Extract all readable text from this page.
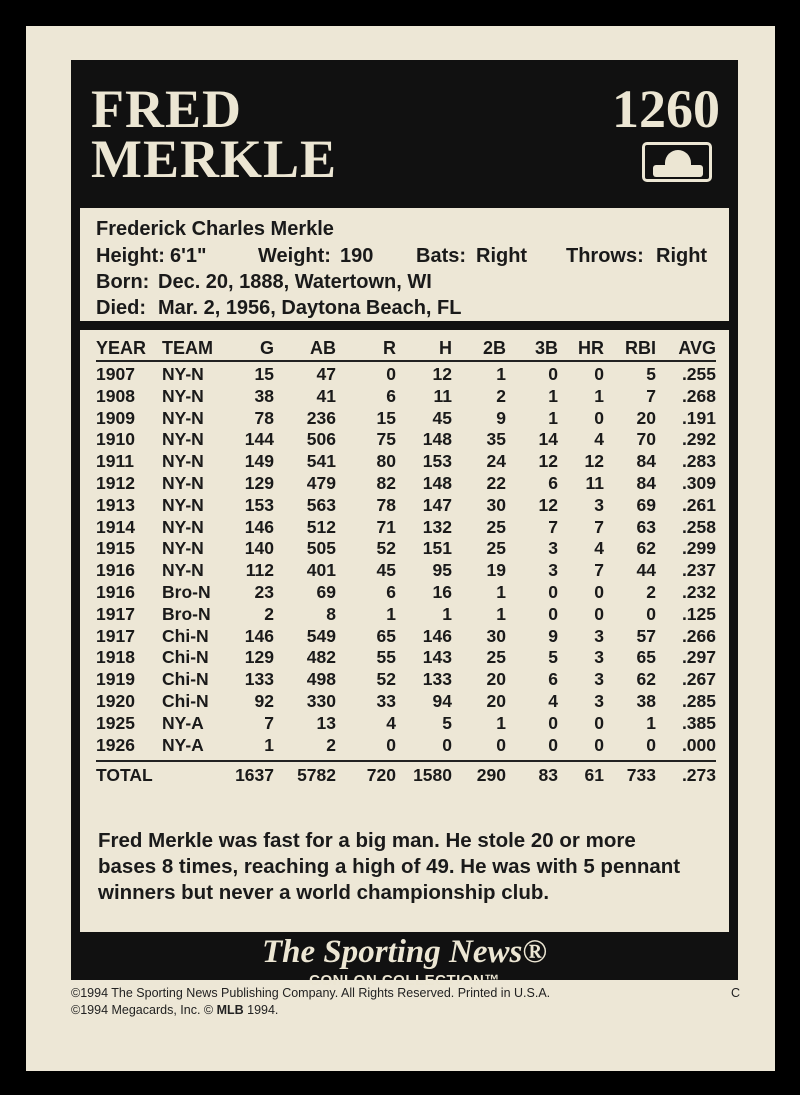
FRED
MERKLE
1260
Frederick Charles Merkle
Height: 6'1"	Weight: 190 Bats: Right Throws: Right
Born: Dec. 20, 1888, Watertown, WI
Died: Mar. 2, 1956, Daytona Beach, FL
YEAR TEAM	G AB	R H 2B 3B HR RBI AVG
1907 NY-N	15 47	0 12	1 0 0 5 .255
1908 NY-N	38 41	6 11	2 1 1 7 .268
1909 NY-N	78 236 15 45	9 1 0 20 .191
1910 NY-N 144 506 75 148 35 14 4 70 .292
1911 NY-N 149 541 80 153 24 12 12 84 .283
1912 NY-N 129 479 82 148 22 6 11 84 .309
1913 NY-N 153 563 78 147 30 12 3 69 .261
1914 NY-N 146 512 71 132 25 7 7 63 .258
1915 NY-N 140 505 52 151 25 3 4 62 .299
1916 NY-N 112 401 45 95 19 3 7 44 .237
1916 Bro-N	23 69	6 16	1 0 0 2 .232
1917 Bro-N	2	8	1	1	1 0 0 0 .125
1917 Chi-N 146 549 65 146 30 9 3 57 .266
1918 Chi-N 129 482 55 143 25 5 3 65 .297
1919 Chi-N 133 498 52 133 20 6 3 62 .267
1920 Chi-N	92 330 33 94 20 4 3 38 .285
1925 NY-A	7 13	4	5	1 0 0 1 .385
1926 NY-A	1	2	0	0	0 0 0 0 .000
TOTAL	1637 5782 720 1580 290 83 61 733 .273
Fred Merkle was fast for a big man. He stole 20 or more
bases 8 times, reaching a high of 49. He was with 5 pennant
winners but never a world championship club.
The Sporting News®
CONLON COLLECTION™
©1994 The Sporting News Publishing Company. All Rights Reserved. Printed in U.S.A.
©1994 Megacards, Inc. © MLB 1994.
C
